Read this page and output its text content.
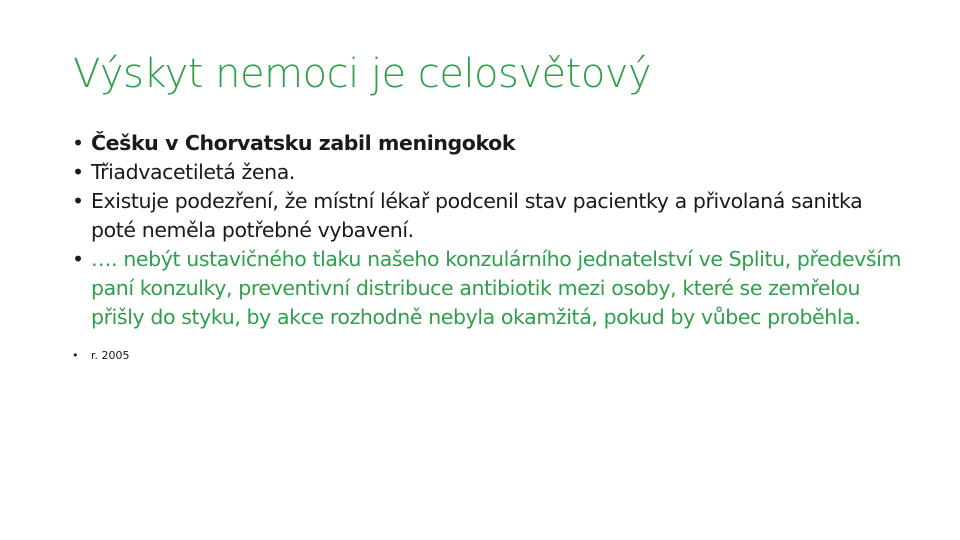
Výskyt nemoci je celosvětový
• Češku v Chorvatsku zabil meningokok
• Třiadvacetiletá žena.
• Existuje podezření, že místní lékař podcenil stav pacientky a přivolaná sanitka poté neměla potřebné vybavení.
• …. nebýt ustavičného tlaku našeho konzulárního jednatelství ve Splitu, především paní konzulky, preventivní distribuce antibiotik mezi osoby, které se zemřelou přišly do styku, by akce rozhodně nebyla okamžitá, pokud by vůbec proběhla.
• r. 2005
